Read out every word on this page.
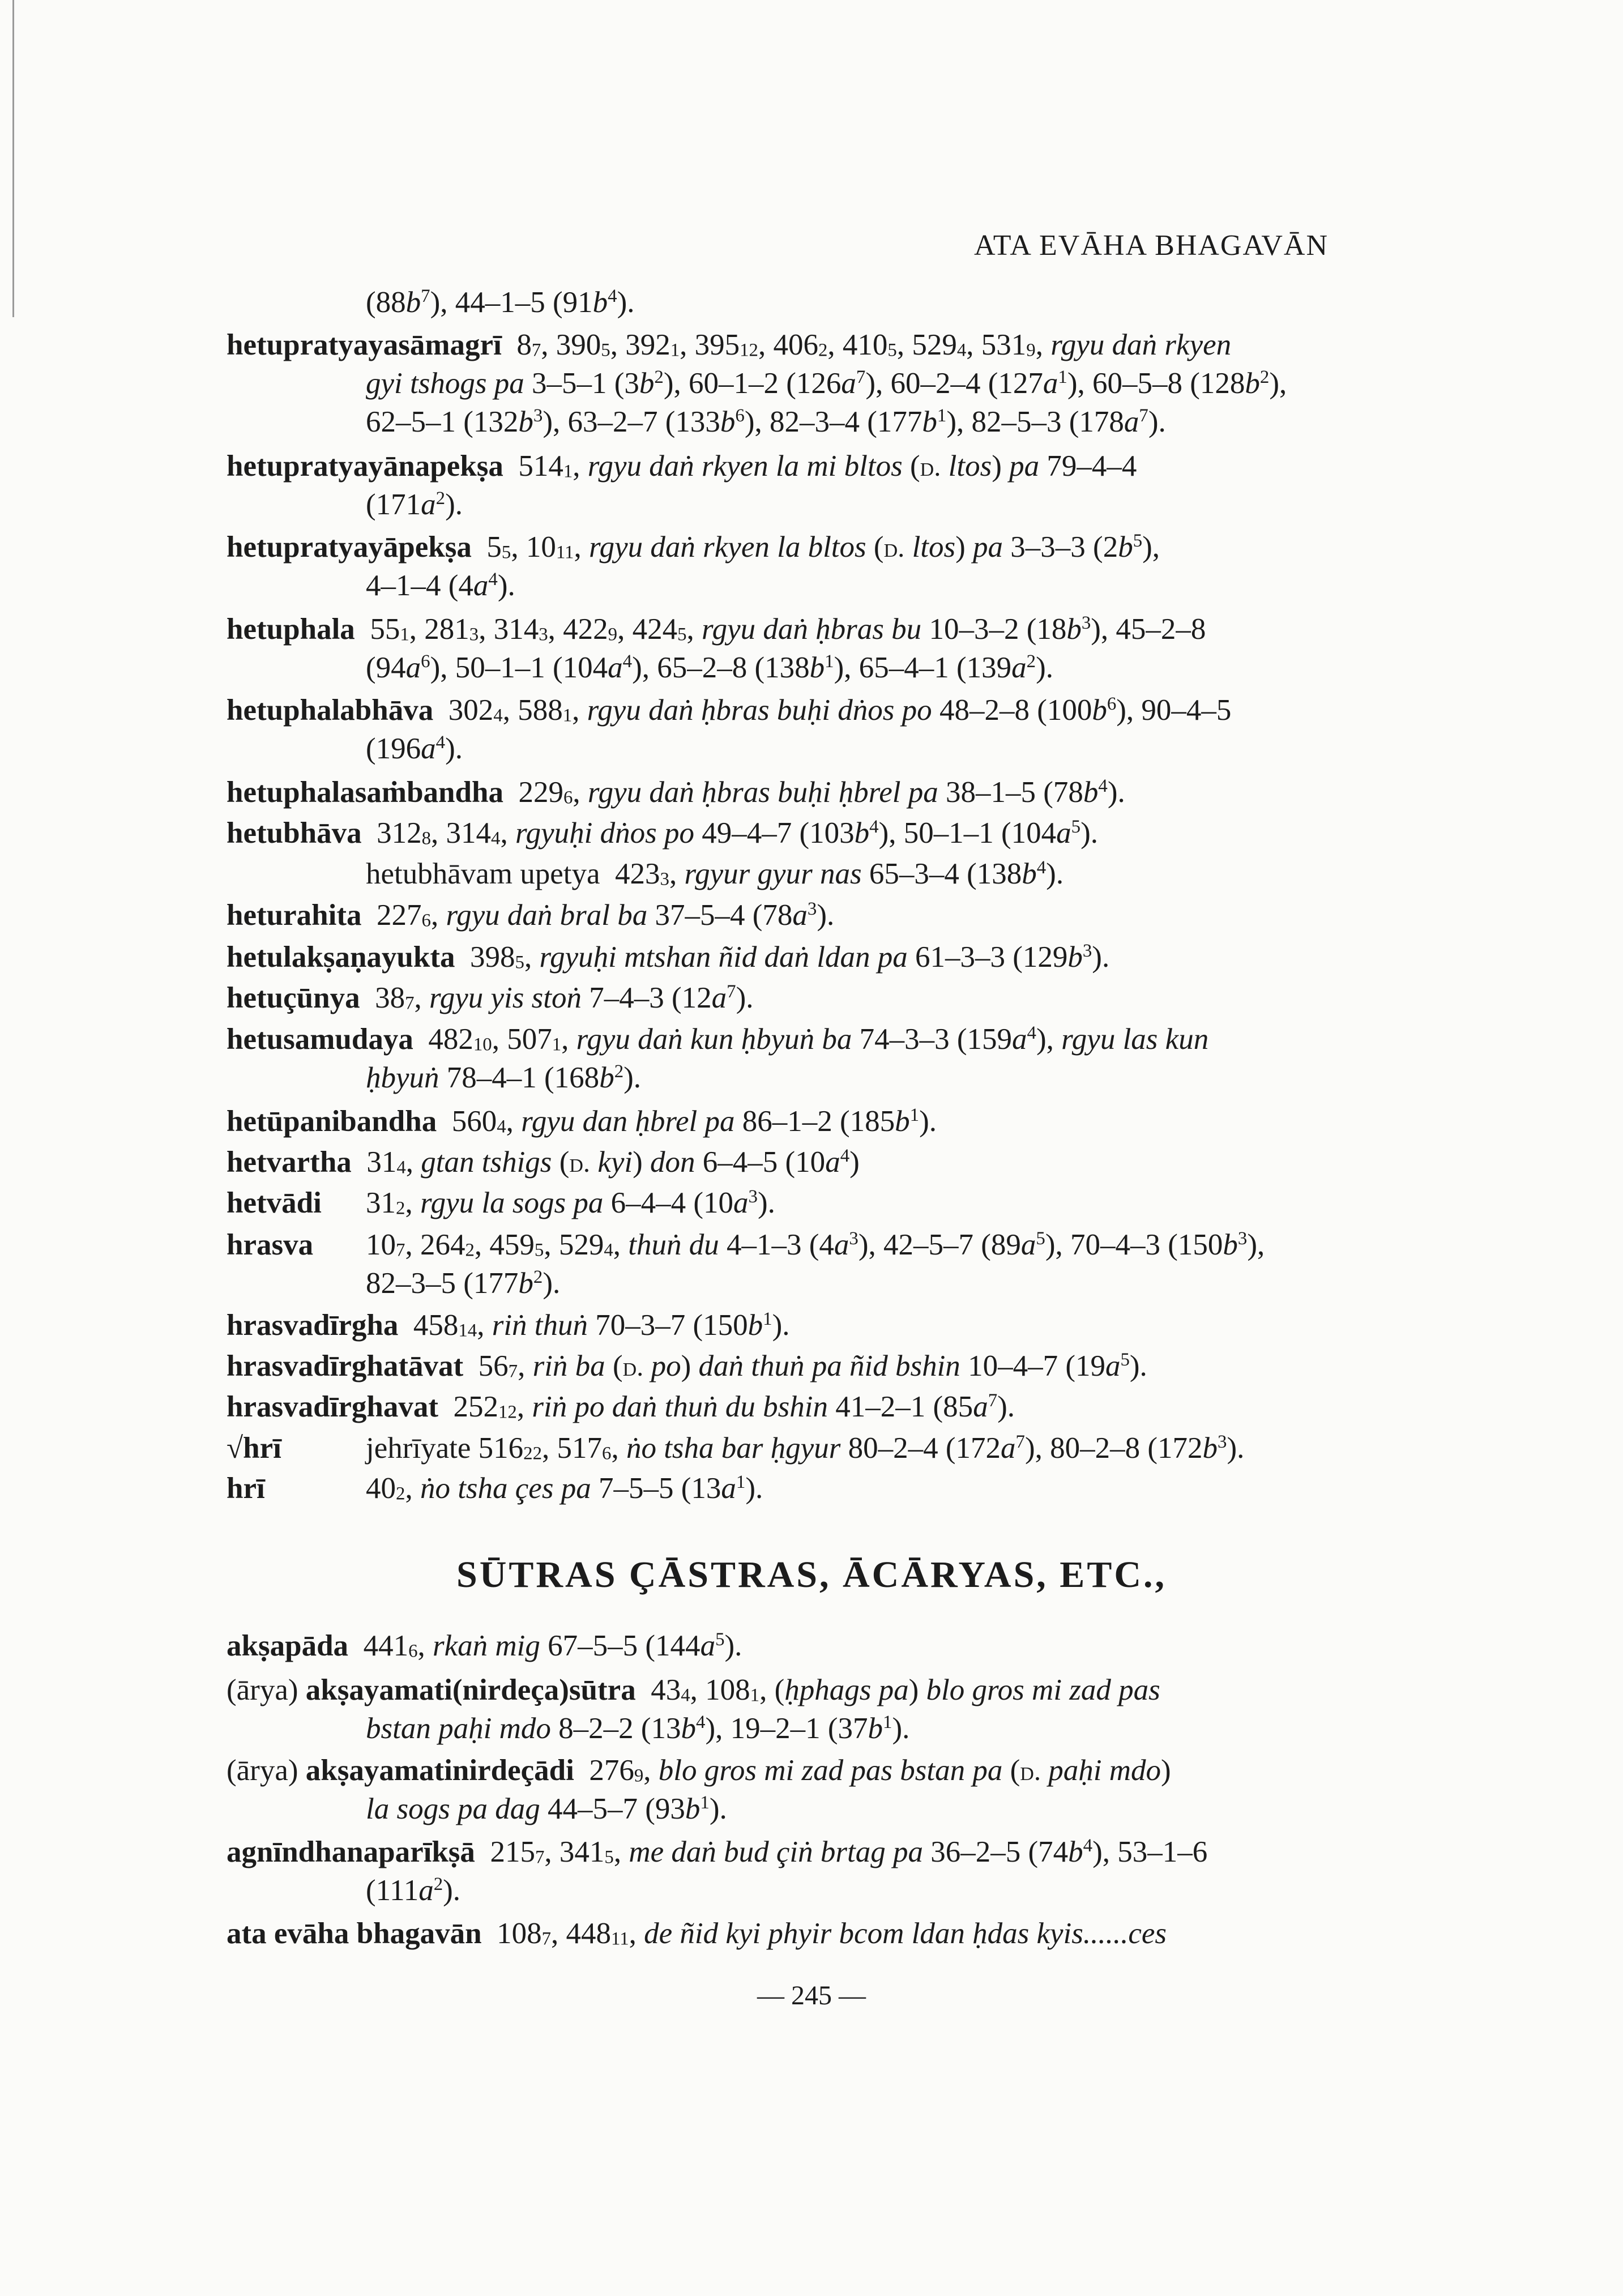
ATA EVĀHA BHAGAVĀN
$(88b^7)$, 44–1–5 $(91b^4)$.
hetupratyayasāmagrī  $8_7$, $390_5$, $392_1$, $395_{12}$, $406_2$, $410_5$, $529_4$, $531_9$, rgyu daṅ rkyen
gyi tshogs pa 3–5–1 $(3b^2)$, 60–1–2 $(126a^7)$, 60–2–4 $(127a^1)$, 60–5–8 $(128b^2)$,
62–5–1 $(132b^3)$, 63–2–7 $(133b^6)$, 82–3–4 $(177b^1)$, 82–5–3 $(178a^7)$.
hetupratyayānapekṣa  $514_1$, rgyu daṅ rkyen la mi bltos (d. ltos) pa 79–4–4
$(171a^2)$.
hetupratyayāpekṣa  $5_5$, $10_{11}$, rgyu daṅ rkyen la bltos (d. ltos) pa 3–3–3 $(2b^5)$,
4–1–4 $(4a^4)$.
hetuphala  $55_1$, $281_3$, $314_3$, $422_9$, $424_5$, rgyu daṅ ḥbras bu 10–3–2 $(18b^3)$, 45–2–8
$(94a^6)$, 50–1–1 $(104a^4)$, 65–2–8 $(138b^1)$, 65–4–1 $(139a^2)$.
hetuphalabhāva  $302_4$, $588_1$, rgyu daṅ ḥbras buḥi dṅos po 48–2–8 $(100b^6)$, 90–4–5
$(196a^4)$.
hetuphalasaṁbandha  $229_6$, rgyu daṅ ḥbras buḥi ḥbrel pa 38–1–5 $(78b^4)$.
hetubhāva  $312_8$, $314_4$, rgyuḥi dṅos po 49–4–7 $(103b^4)$, 50–1–1 $(104a^5)$.
hetubhāvam upetya  $423_3$, rgyur gyur nas 65–3–4 $(138b^4)$.
heturahita  $227_6$, rgyu daṅ bral ba 37–5–4 $(78a^3)$.
hetulakṣaṇayukta  $398_5$, rgyuḥi mtshan ñid daṅ ldan pa 61–3–3 $(129b^3)$.
hetuçūnya  $38_7$, rgyu yis stoṅ 7–4–3 $(12a^7)$.
hetusamudaya  $482_{10}$, $507_1$, rgyu daṅ kun ḥbyuṅ ba 74–3–3 $(159a^4)$, rgyu las kun
ḥbyuṅ 78–4–1 $(168b^2)$.
hetūpanibandha  $560_4$, rgyu dan ḥbrel pa 86–1–2 $(185b^1)$.
hetvartha  $31_4$, gtan tshigs (d. kyi) don 6–4–5 $(10a^4)$
hetvādi $31_2$, rgyu la sogs pa 6–4–4 $(10a^3)$.
hrasva $10_7$, $264_2$, $459_5$, $529_4$, thuṅ du 4–1–3 $(4a^3)$, 42–5–7 $(89a^5)$, 70–4–3 $(150b^3)$,
82–3–5 $(177b^2)$.
hrasvadīrgha  $458_{14}$, riṅ thuṅ 70–3–7 $(150b^1)$.
hrasvadīrghatāvat  $56_7$, riṅ ba (d. po) daṅ thuṅ pa ñid bshin 10–4–7 $(19a^5)$.
hrasvadīrghavat  $252_{12}$, riṅ po daṅ thuṅ du bshin 41–2–1 $(85a^7)$.
√hrī	jehrīyate $516_{22}$, $517_6$, ṅo tsha bar ḥgyur 80–2–4 $(172a^7)$, 80–2–8 $(172b^3)$.
hrī	$40_2$, ṅo tsha çes pa 7–5–5 $(13a^1)$.
SŪTRAS ÇĀSTRAS, ĀCĀRYAS, ETC.,
akṣapāda  $441_6$, rkaṅ mig 67–5–5 $(144a^5)$.
(ārya) akṣayamati(nirdeça)sūtra  $43_4$, $108_1$, (ḥphags pa) blo gros mi zad pas
bstan paḥi mdo 8–2–2 $(13b^4)$, 19–2–1 $(37b^1)$.
(ārya) akṣayamatinirdeçādi  $276_9$, blo gros mi zad pas bstan pa (d. paḥi mdo)
la sogs pa dag 44–5–7 $(93b^1)$.
agnīndhanaparīkṣā  $215_7$, $341_5$, me daṅ bud çiṅ brtag pa 36–2–5 $(74b^4)$, 53–1–6
$(111a^2)$.
ata evāha bhagavān  $108_7$, $448_{11}$, de ñid kyi phyir bcom ldan ḥdas kyis......ces
— 245 —
